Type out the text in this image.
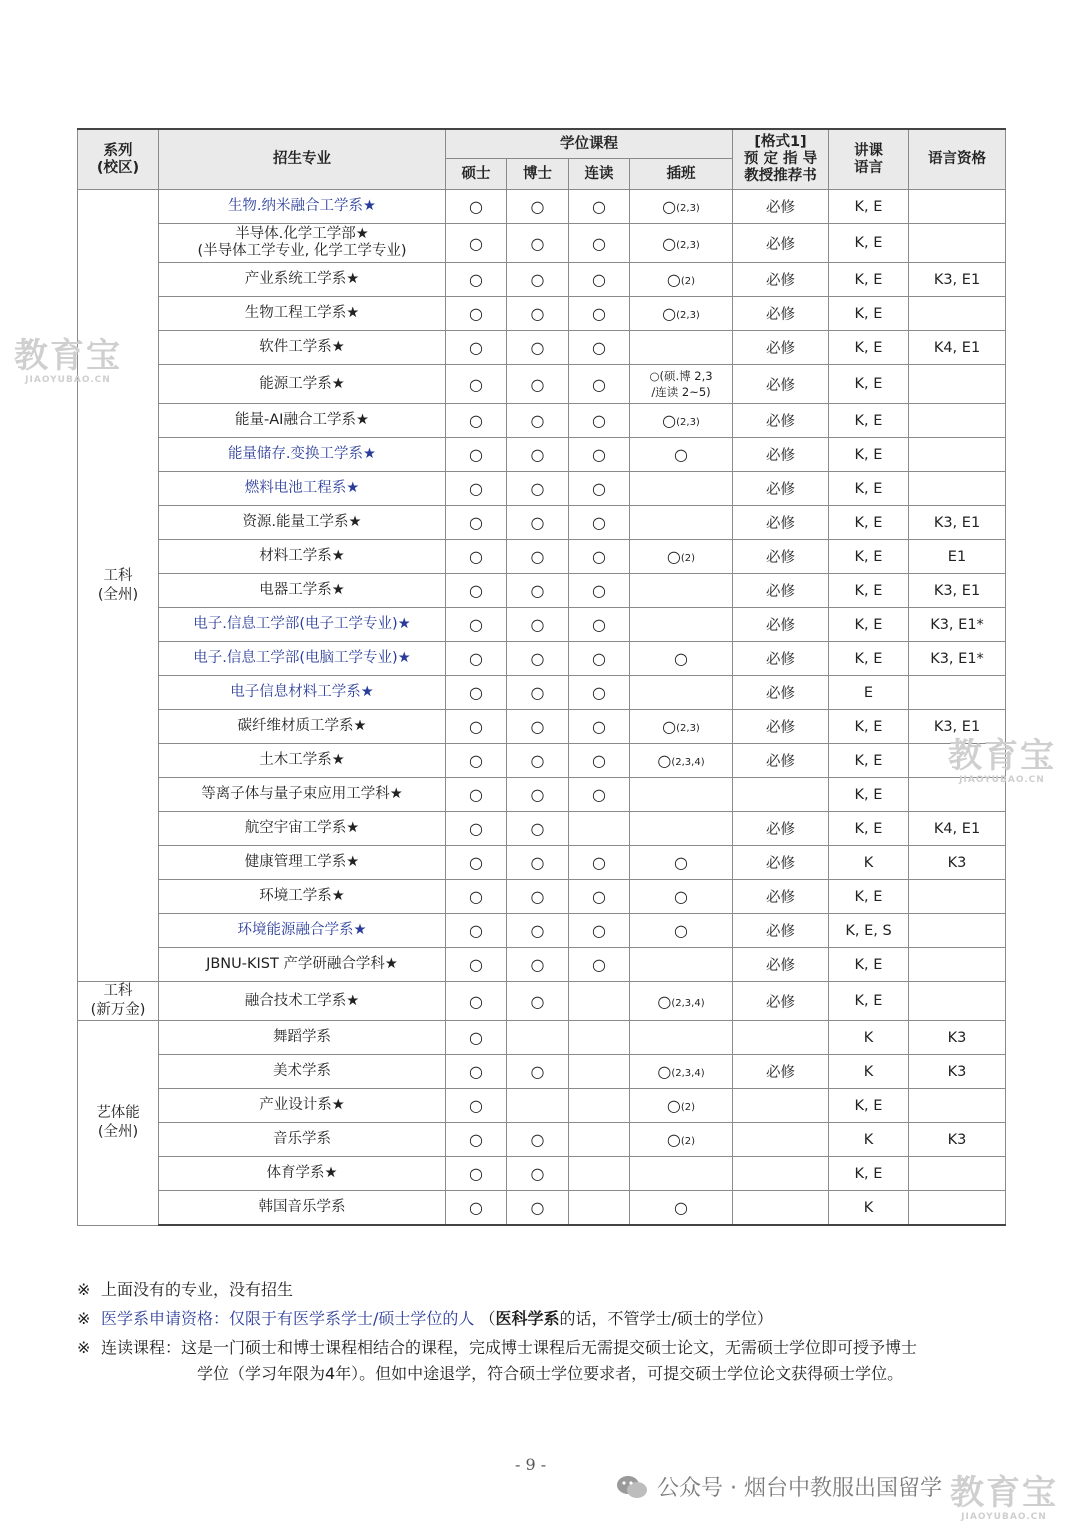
系列
(校区)	招生专业	学位课程				[格式1]
预 定 指 导
教授推荐书	讲课
语言	语言资格
		硕士	博士	连读	插班			
工科
(全州)	生物.纳米融合工学系★	○	○	○	○(2,3)	必修	K, E	
	半导体.化学工学部★
(半导体工学专业, 化学工学专业)	○	○	○	○(2,3)	必修	K, E	
	产业系统工学系★	○	○	○	○(2)	必修	K, E	K3, E1
	生物工程工学系★	○	○	○	○(2,3)	必修	K, E	
	软件工学系★	○	○	○		必修	K, E	K4, E1
	能源工学系★	○	○	○	○(硕.博 2,3
/连读 2~5)	必修	K, E	
	能量-AI融合工学系★	○	○	○	○(2,3)	必修	K, E	
	能量储存.变换工学系★	○	○	○	○	必修	K, E	
	燃料电池工程系★	○	○	○		必修	K, E	
	资源.能量工学系★	○	○	○		必修	K, E	K3, E1
	材料工学系★	○	○	○	○(2)	必修	K, E	E1
	电器工学系★	○	○	○		必修	K, E	K3, E1
	电子.信息工学部(电子工学专业)★	○	○	○		必修	K, E	K3, E1*
	电子.信息工学部(电脑工学专业)★	○	○	○	○	必修	K, E	K3, E1*
	电子信息材料工学系★	○	○	○		必修	E	
	碳纤维材质工学系★	○	○	○	○(2,3)	必修	K, E	K3, E1
	土木工学系★	○	○	○	○(2,3,4)	必修	K, E	
	等离子体与量子束应用工学科★	○	○	○			K, E	
	航空宇宙工学系★	○	○			必修	K, E	K4, E1
	健康管理工学系★	○	○	○	○	必修	K	K3
	环境工学系★	○	○	○	○	必修	K, E	
	环境能源融合学系★	○	○	○	○	必修	K, E, S	
	JBNU-KIST 产学研融合学科★	○	○	○		必修	K, E	
工科
(新万金)	融合技术工学系★	○	○		○(2,3,4)	必修	K, E	
艺体能
(全州)	舞蹈学系	○					K	K3
	美术学系	○	○		○(2,3,4)	必修	K	K3
	产业设计系★	○			○(2)		K, E	
	音乐学系	○	○		○(2)		K	K3
	体育学系★	○	○				K, E	
	韩国音乐学系	○	○		○		K	
※ 上面没有的专业，没有招生
※ 医学系申请资格：仅限于有医学系学士/硕士学位的人 （医科学系的话，不管学士/硕士的学位）
※ 连读课程：这是一门硕士和博士课程相结合的课程，完成博士课程后无需提交硕士论文，无需硕士学位即可授予博士
学位（学习年限为4年）。但如中途退学，符合硕士学位要求者，可提交硕士学位论文获得硕士学位。
- 9 -
公众号 · 烟台中教服出国留学
教育宝
JIAOYUBAO.CN
教育宝
JIAOYUBAO.CN
教育宝
JIAOYUBAO.CN
